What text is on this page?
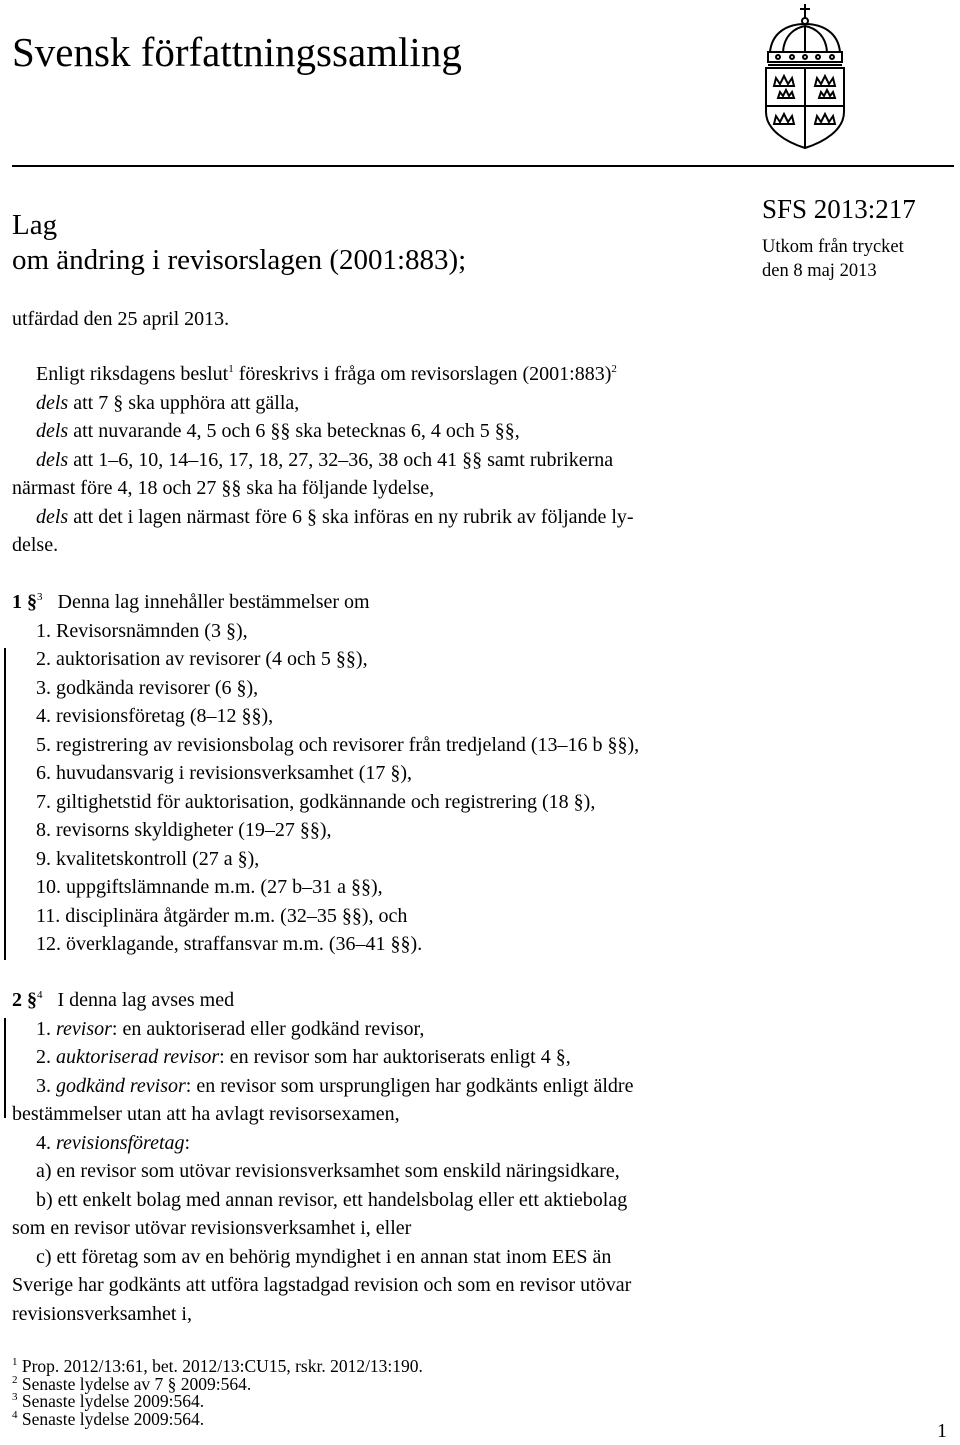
Svensk författningssamling
Lag
om ändring i revisorslagen (2001:883);
SFS 2013:217
Utkom från trycket
den 8 maj 2013
utfärdad den 25 april 2013.
Enligt riksdagens beslut$^1$ föreskrivs i fråga om revisorslagen (2001:883)$^2$
dels att 7 § ska upphöra att gälla,
dels att nuvarande 4, 5 och 6 §§ ska betecknas 6, 4 och 5 §§,
dels att 1–6, 10, 14–16, 17, 18, 27, 32–36, 38 och 41 §§ samt rubrikerna
närmast före 4, 18 och 27 §§ ska ha följande lydelse,
dels att det i lagen närmast före 6 § ska införas en ny rubrik av följande ly-
delse.
1 §$^3$ Denna lag innehåller bestämmelser om
1. Revisorsnämnden (3 §),
2. auktorisation av revisorer (4 och 5 §§),
3. godkända revisorer (6 §),
4. revisionsföretag (8–12 §§),
5. registrering av revisionsbolag och revisorer från tredjeland (13–16 b §§),
6. huvudansvarig i revisionsverksamhet (17 §),
7. giltighetstid för auktorisation, godkännande och registrering (18 §),
8. revisorns skyldigheter (19–27 §§),
9. kvalitetskontroll (27 a §),
10. uppgiftslämnande m.m. (27 b–31 a §§),
11. disciplinära åtgärder m.m. (32–35 §§), och
12. överklagande, straffansvar m.m. (36–41 §§).
2 §$^4$ I denna lag avses med
1. revisor: en auktoriserad eller godkänd revisor,
2. auktoriserad revisor: en revisor som har auktoriserats enligt 4 §,
3. godkänd revisor: en revisor som ursprungligen har godkänts enligt äldre
bestämmelser utan att ha avlagt revisorsexamen,
4. revisionsföretag:
a) en revisor som utövar revisionsverksamhet som enskild näringsidkare,
b) ett enkelt bolag med annan revisor, ett handelsbolag eller ett aktiebolag
som en revisor utövar revisionsverksamhet i, eller
c) ett företag som av en behörig myndighet i en annan stat inom EES än
Sverige har godkänts att utföra lagstadgad revision och som en revisor utövar
revisionsverksamhet i,
$^1$ Prop. 2012/13:61, bet. 2012/13:CU15, rskr. 2012/13:190.
$^2$ Senaste lydelse av 7 § 2009:564.
$^3$ Senaste lydelse 2009:564.
$^4$ Senaste lydelse 2009:564.
1
